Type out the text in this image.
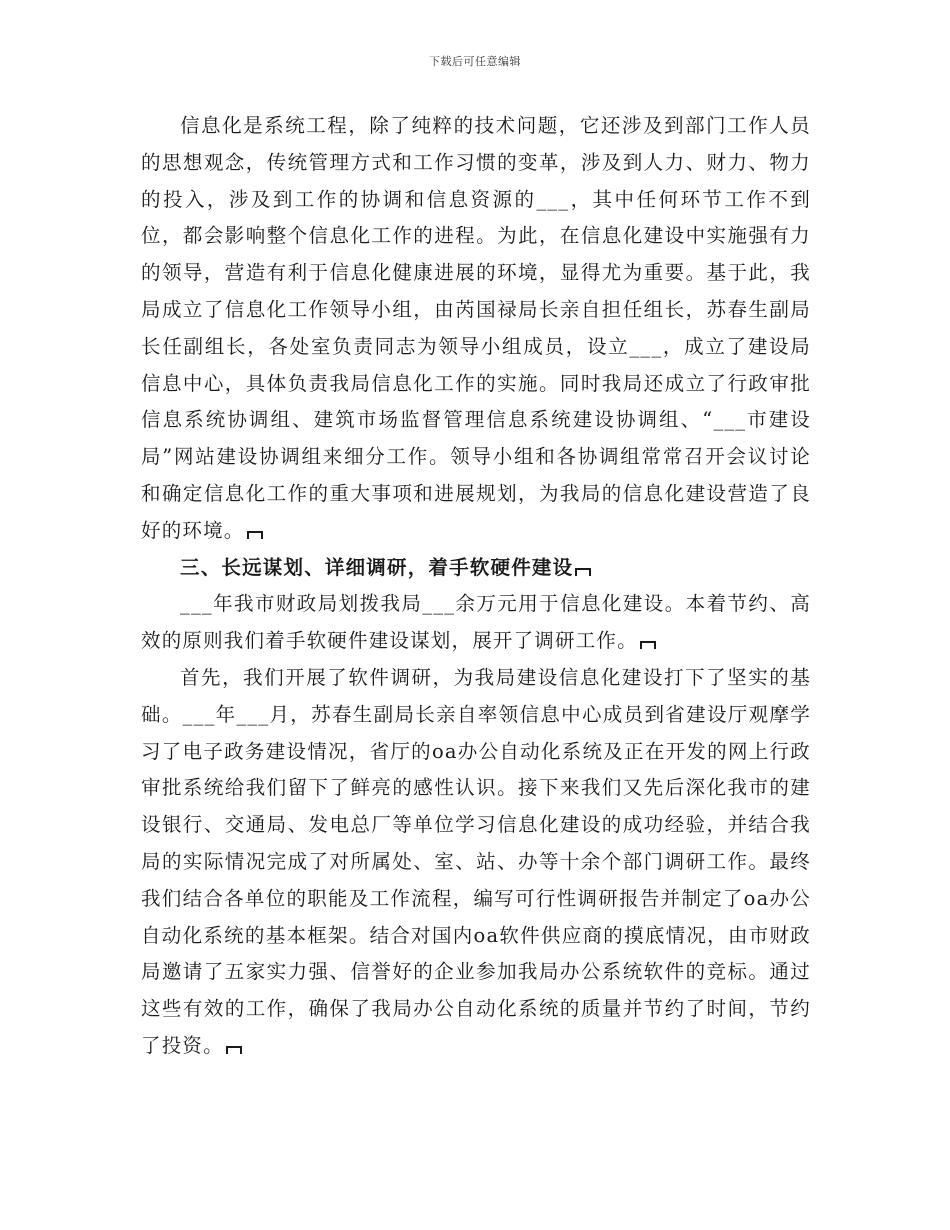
下载后可任意编辑

信息化是系统工程，除了纯粹的技术问题，它还涉及到部门工作人员的思想观念，传统管理方式和工作习惯的变革，涉及到人力、财力、物力的投入，涉及到工作的协调和信息资源的___，其中任何环节工作不到位，都会影响整个信息化工作的进程。为此，在信息化建设中实施强有力的领导，营造有利于信息化健康进展的环境，显得尤为重要。基于此，我局成立了信息化工作领导小组，由芮国禄局长亲自担任组长，苏春生副局长任副组长，各处室负责同志为领导小组成员，设立___，成立了建设局信息中心，具体负责我局信息化工作的实施。同时我局还成立了行政审批信息系统协调组、建筑市场监督管理信息系统建设协调组、“___市建设局”网站建设协调组来细分工作。领导小组和各协调组常常召开会议讨论和确定信息化工作的重大事项和进展规划，为我局的信息化建设营造了良好的环境。

三、长远谋划、详细调研，着手软硬件建设

___年我市财政局划拨我局___余万元用于信息化建设。本着节约、高效的原则我们着手软硬件建设谋划，展开了调研工作。

首先，我们开展了软件调研，为我局建设信息化建设打下了坚实的基础。___年___月，苏春生副局长亲自率领信息中心成员到省建设厅观摩学习了电子政务建设情况，省厅的oa办公自动化系统及正在开发的网上行政审批系统给我们留下了鲜亮的感性认识。接下来我们又先后深化我市的建设银行、交通局、发电总厂等单位学习信息化建设的成功经验，并结合我局的实际情况完成了对所属处、室、站、办等十余个部门调研工作。最终我们结合各单位的职能及工作流程，编写可行性调研报告并制定了oa办公自动化系统的基本框架。结合对国内oa软件供应商的摸底情况，由市财政局邀请了五家实力强、信誉好的企业参加我局办公系统软件的竞标。通过这些有效的工作，确保了我局办公自动化系统的质量并节约了时间，节约了投资。
